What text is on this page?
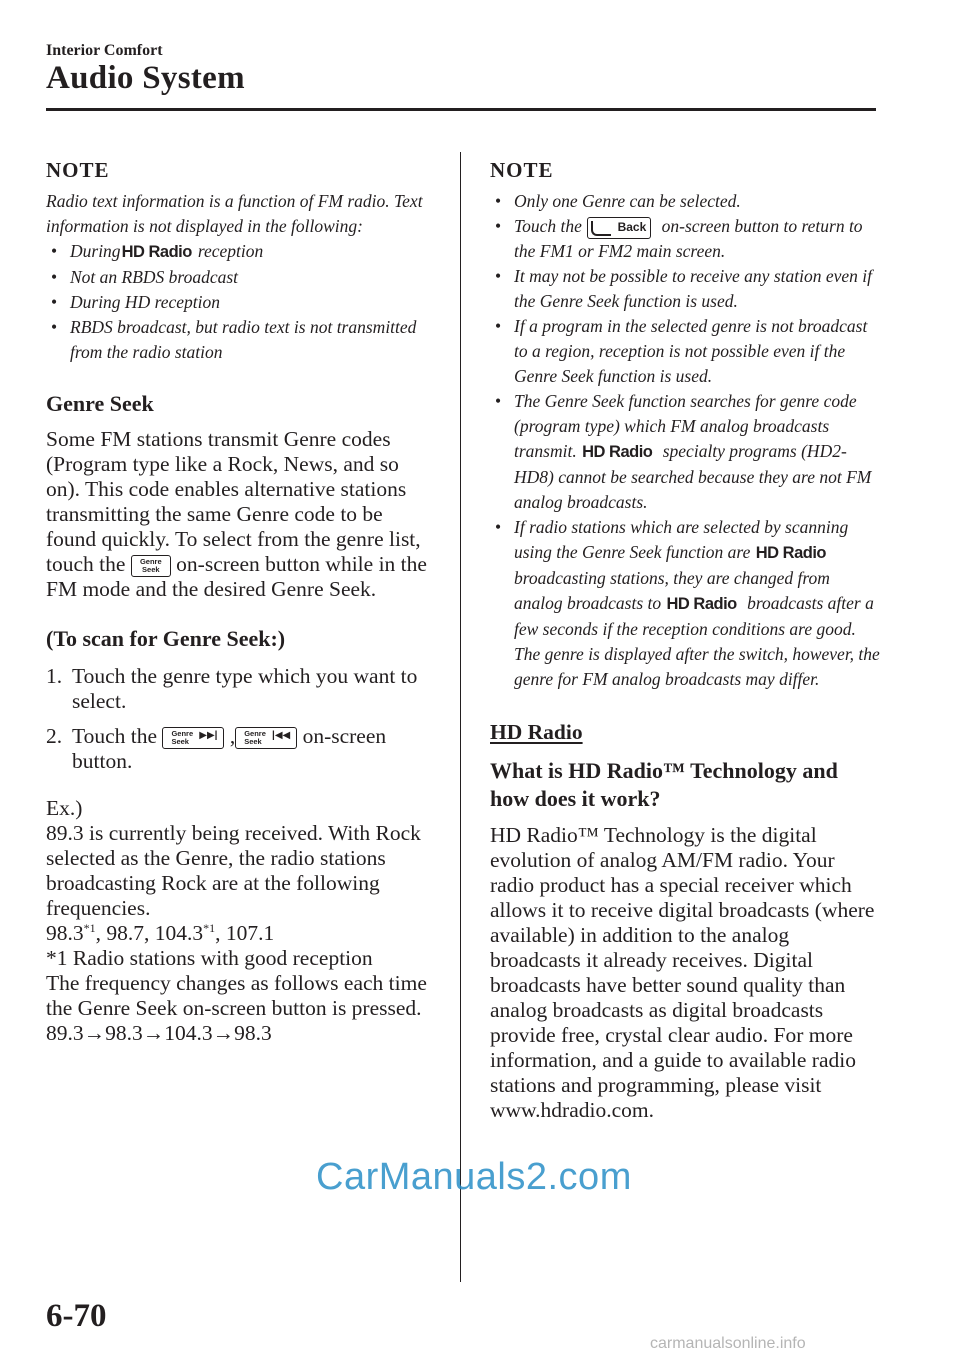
Interior Comfort
Audio System
NOTE

Radio text information is a function of FM radio. Text information is not displayed in the following:

• DuringHD Radio reception
• Not an RBDS broadcast
• During HD reception
• RBDS broadcast, but radio text is not transmitted from the radio station
Genre Seek

Some FM stations transmit Genre codes (Program type like a Rock, News, and so on). This code enables alternative stations transmitting the same Genre code to be found quickly. To select from the genre list, touch the Genre
Seek on-screen button while in the FM mode and the desired Genre Seek.

(To scan for Genre Seek:)
1. Touch the genre type which you want to select.
2. Touch the Genre
Seek
▶▶| , Genre
Seek
|◀◀ on-screen button.

Ex.)

89.3 is currently being received. With Rock selected as the Genre, the radio stations broadcasting Rock are at the following frequencies.

98.3$^{*1}$, 98.7, 104.3$^{*1}$, 107.1

*1 Radio stations with good reception

The frequency changes as follows each time the Genre Seek on-screen button is pressed.

89.3→98.3→104.3→98.3

NOTE
• Only one Genre can be selected.
• Touch the	Back on-screen button to return to the FM1 or FM2 main screen.
• It may not be possible to receive any station even if the Genre Seek function is used.
• If a program in the selected genre is not broadcast to a region, reception is not possible even if the Genre Seek function is used.
• The Genre Seek function searches for genre code (program type) which FM analog broadcasts transmit. HD Radio specialty programs (HD2-HD8) cannot be searched because they are not FM analog broadcasts.
• If radio stations which are selected by scanning using the Genre Seek function are HD Radio broadcasting stations, they are changed from analog broadcasts to HD Radio broadcasts after a few seconds if the reception conditions are good. The genre is displayed after the switch, however, the genre for FM analog broadcasts may differ.
HD Radio
What is HD Radio™ Technology and how does it work?

HD Radio™ Technology is the digital evolution of analog AM/FM radio. Your radio product has a special receiver which allows it to receive digital broadcasts (where available) in addition to the analog broadcasts it already receives. Digital broadcasts have better sound quality than analog broadcasts as digital broadcasts provide free, crystal clear audio. For more information, and a guide to available radio stations and programming, please visit www.hdradio.com.

6-70
CarManuals2.com
carmanualsonline.info
